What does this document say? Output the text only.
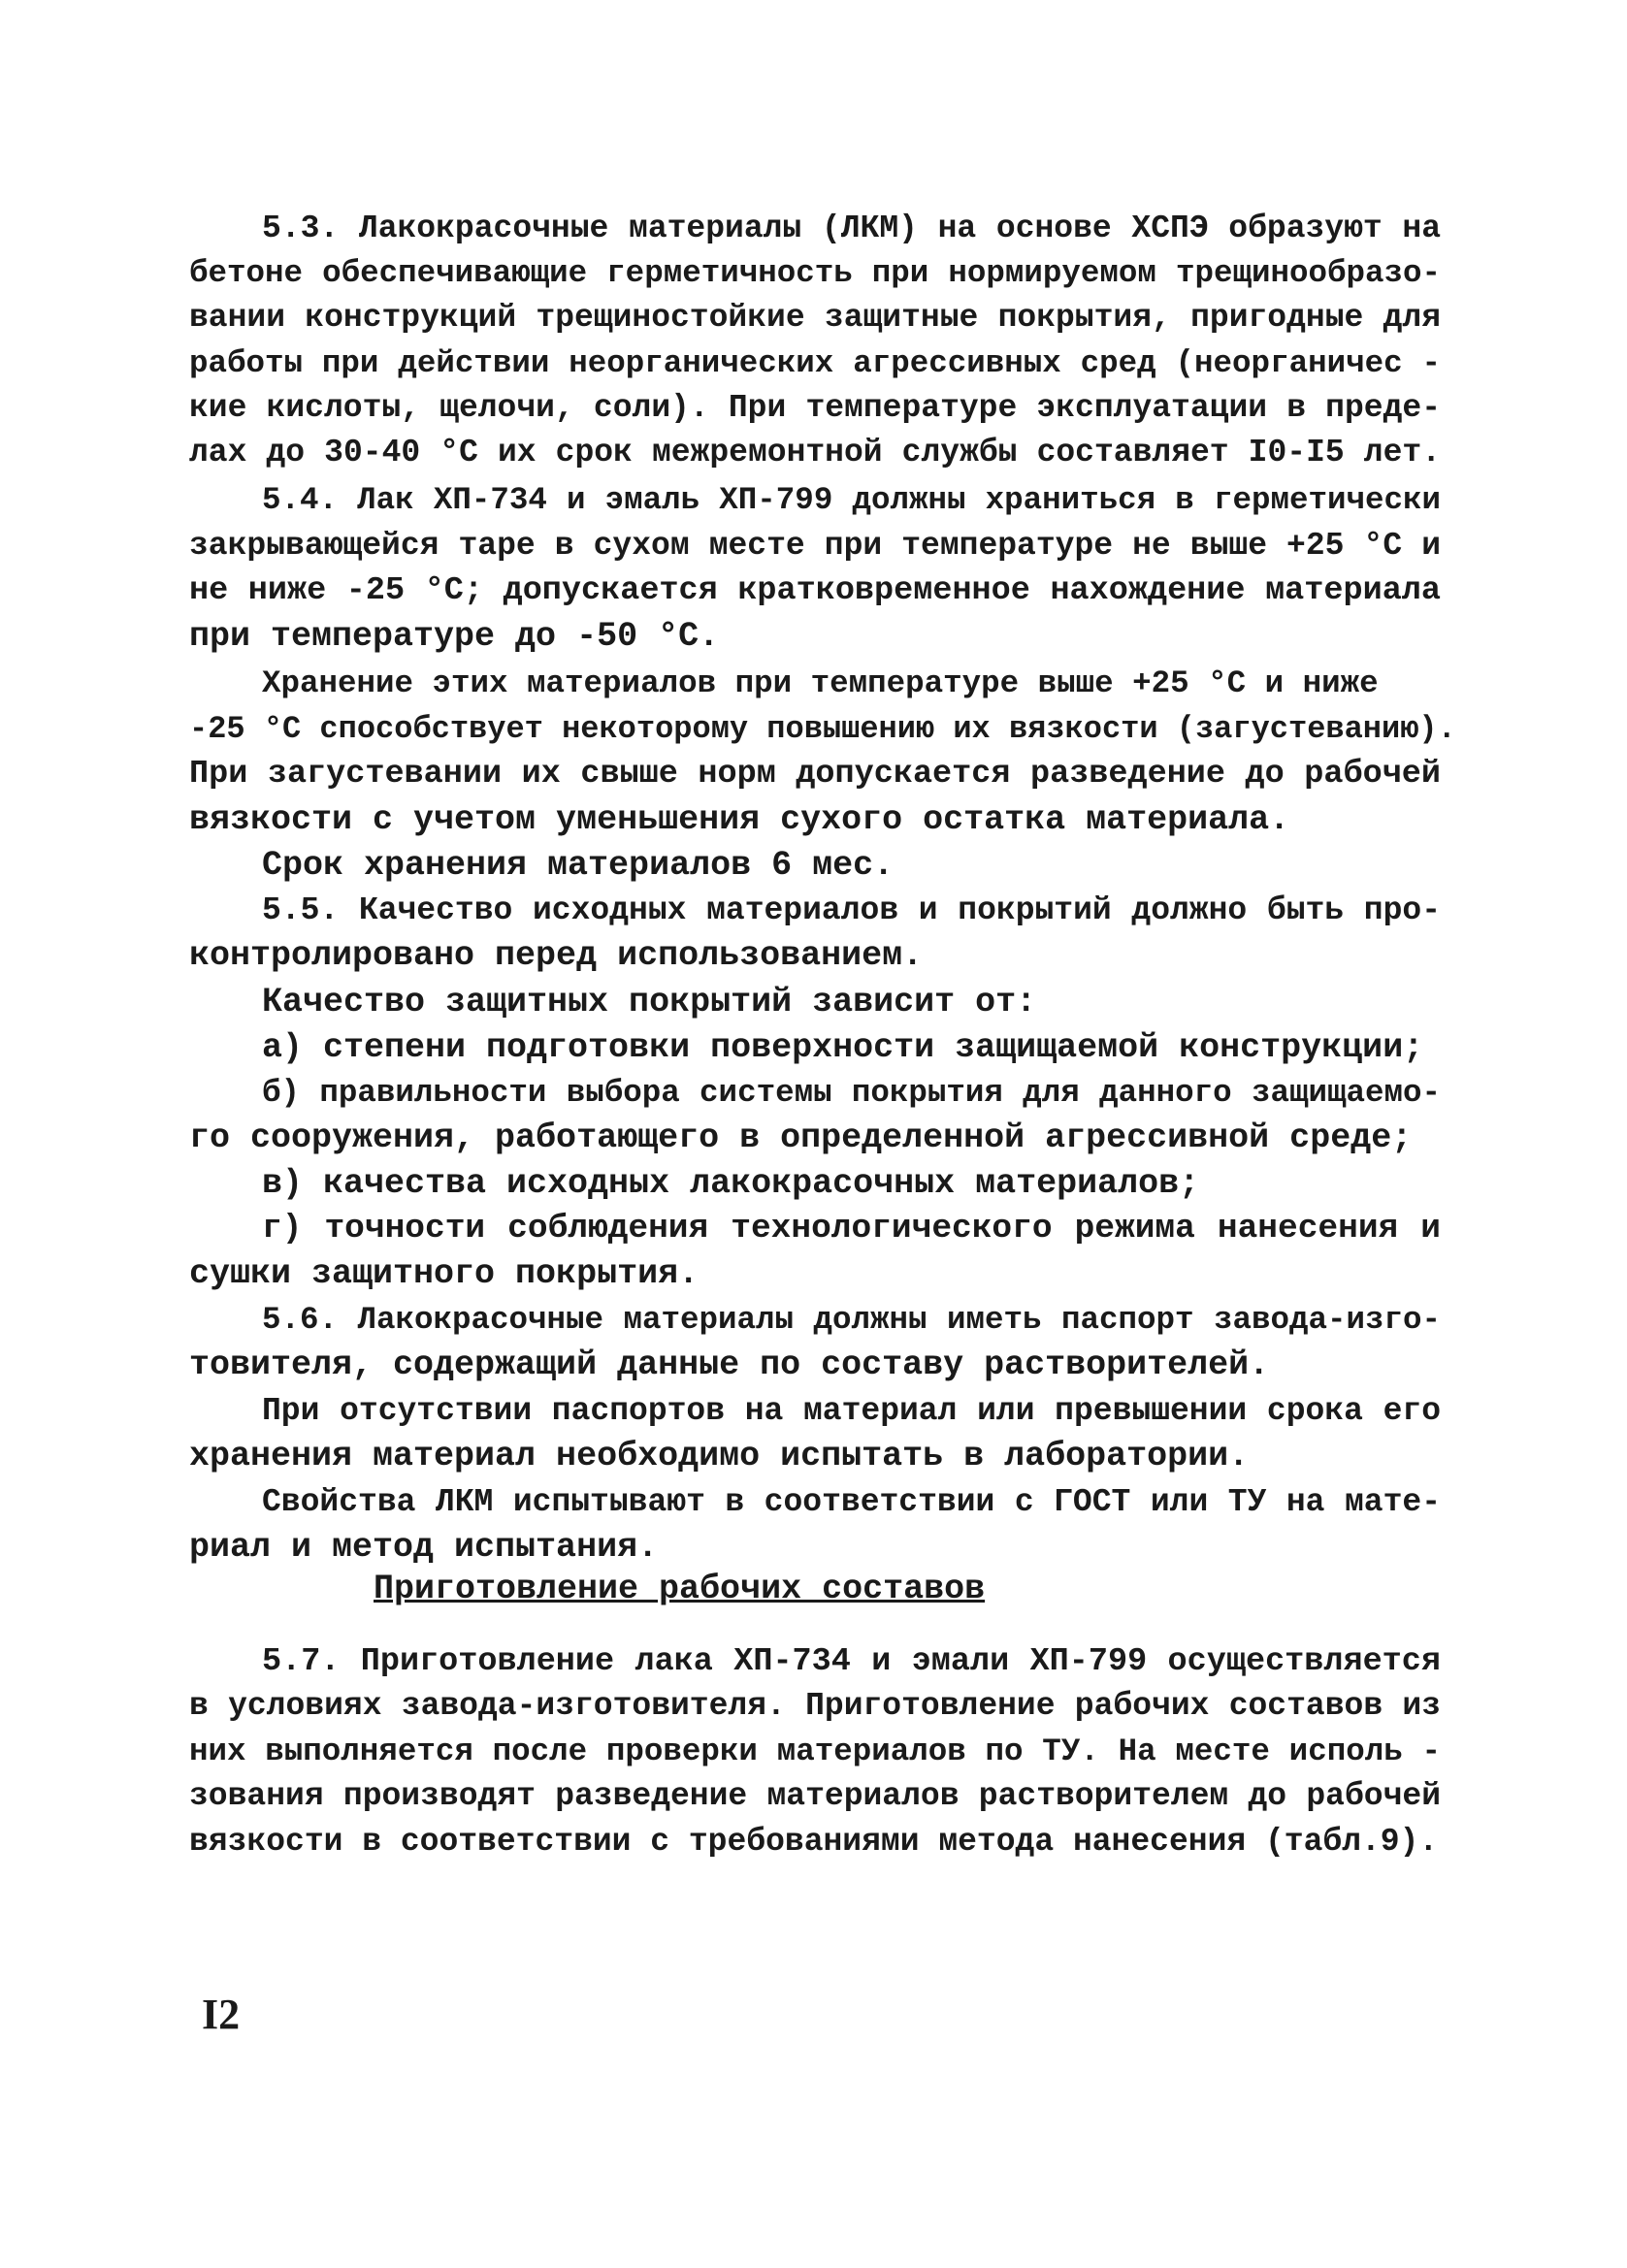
5.3. Лакокрасочные материалы (ЛКМ) на основе ХСПЭ образуют на
бетоне обеспечивающие герметичность при нормируемом трещинообразо-
вании конструкций трещиностойкие защитные покрытия, пригодные для
работы при действии неорганических агрессивных сред (неорганичес -
кие кислоты, щелочи, соли). При температуре эксплуатации в преде-
лах до 30-40 °С их срок межремонтной службы составляет I0-I5 лет.
5.4. Лак ХП-734 и эмаль ХП-799 должны храниться в герметически
закрывающейся таре в сухом месте при температуре не выше +25 °С и
не ниже -25 °С; допускается кратковременное нахождение материала
при температуре до -50 °С.
Хранение этих материалов при температуре выше +25 °С и ниже
-25 °С способствует некоторому повышению их вязкости (загустеванию).
При загустевании их свыше норм допускается разведение до рабочей
вязкости с учетом уменьшения сухого остатка материала.
Срок хранения материалов 6 мес.
5.5. Качество исходных материалов и покрытий должно быть про-
контролировано перед использованием.
Качество защитных покрытий зависит от:
а) степени подготовки поверхности защищаемой конструкции;
б) правильности выбора системы покрытия для данного защищаемо-
го сооружения, работающего в определенной агрессивной среде;
в) качества исходных лакокрасочных материалов;
г) точности соблюдения технологического режима нанесения и
сушки защитного покрытия.
5.6. Лакокрасочные материалы должны иметь паспорт завода-изго-
товителя, содержащий данные по составу растворителей.
При отсутствии паспортов на материал или превышении срока его
хранения материал необходимо испытать в лаборатории.
Свойства ЛКМ испытывают в соответствии с ГОСТ или ТУ на мате-
риал и метод испытания.
Приготовление рабочих составов
5.7. Приготовление лака ХП-734 и эмали ХП-799 осуществляется
в условиях завода-изготовителя. Приготовление рабочих составов из
них выполняется после проверки материалов по ТУ. На месте исполь -
зования производят разведение материалов растворителем до рабочей
вязкости в соответствии с требованиями метода нанесения (табл.9).
I2
